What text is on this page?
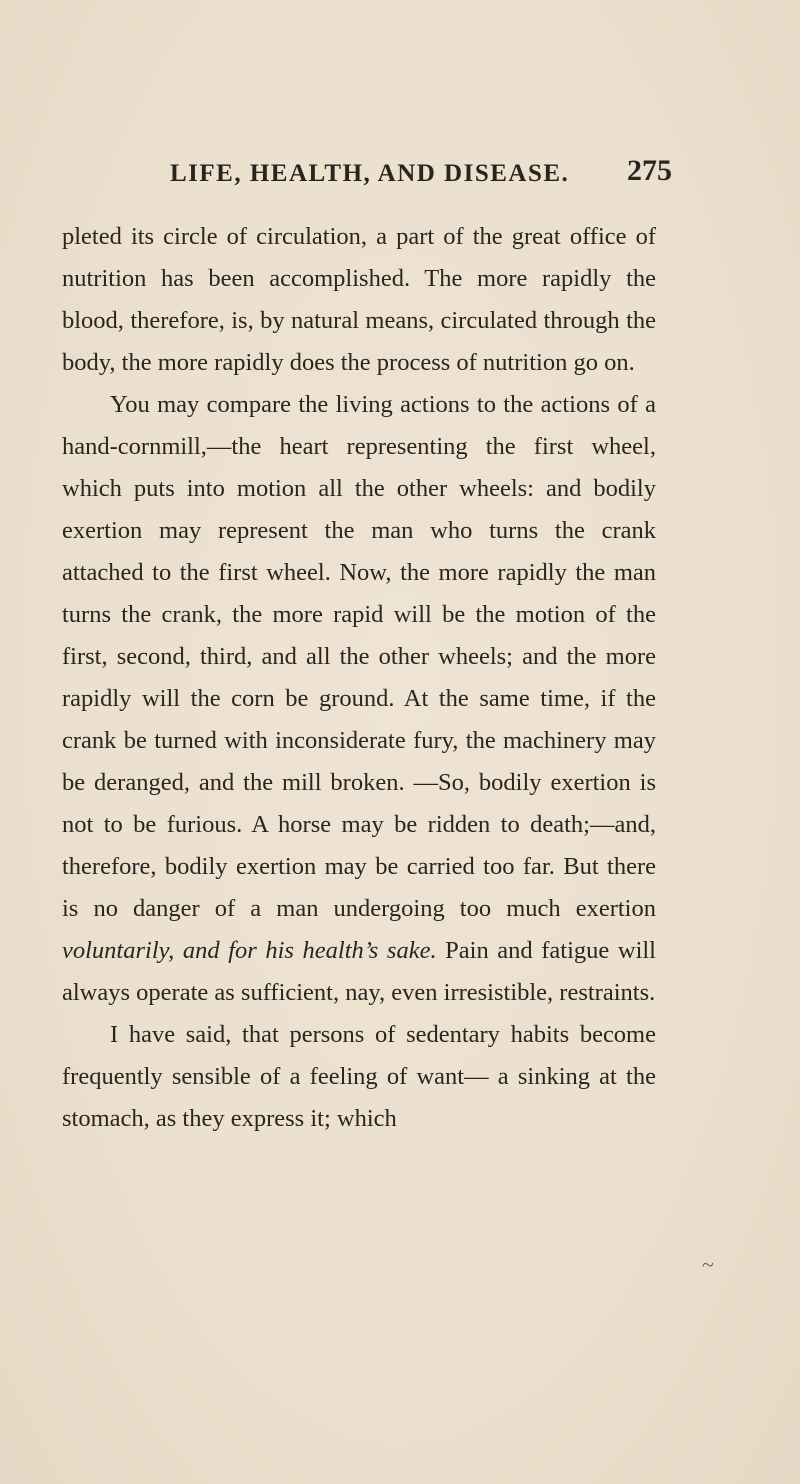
LIFE, HEALTH, AND DISEASE.	275

pleted its circle of circulation, a part of the great office of nutrition has been accomplished. The more rapidly the blood, therefore, is, by natural means, circulated through the body, the more rapidly does the process of nutrition go on.

You may compare the living actions to the actions of a hand-cornmill,—the heart representing the first wheel, which puts into motion all the other wheels: and bodily exertion may represent the man who turns the crank attached to the first wheel. Now, the more rapidly the man turns the crank, the more rapid will be the motion of the first, second, third, and all the other wheels; and the more rapidly will the corn be ground. At the same time, if the crank be turned with inconsiderate fury, the machinery may be deranged, and the mill broken. —So, bodily exertion is not to be furious. A horse may be ridden to death;—and, therefore, bodily exertion may be carried too far. But there is no danger of a man undergoing too much exertion voluntarily, and for his health’s sake. Pain and fatigue will always operate as sufficient, nay, even irresistible, restraints.

I have said, that persons of sedentary habits become frequently sensible of a feeling of want— a sinking at the stomach, as they express it; which

~
